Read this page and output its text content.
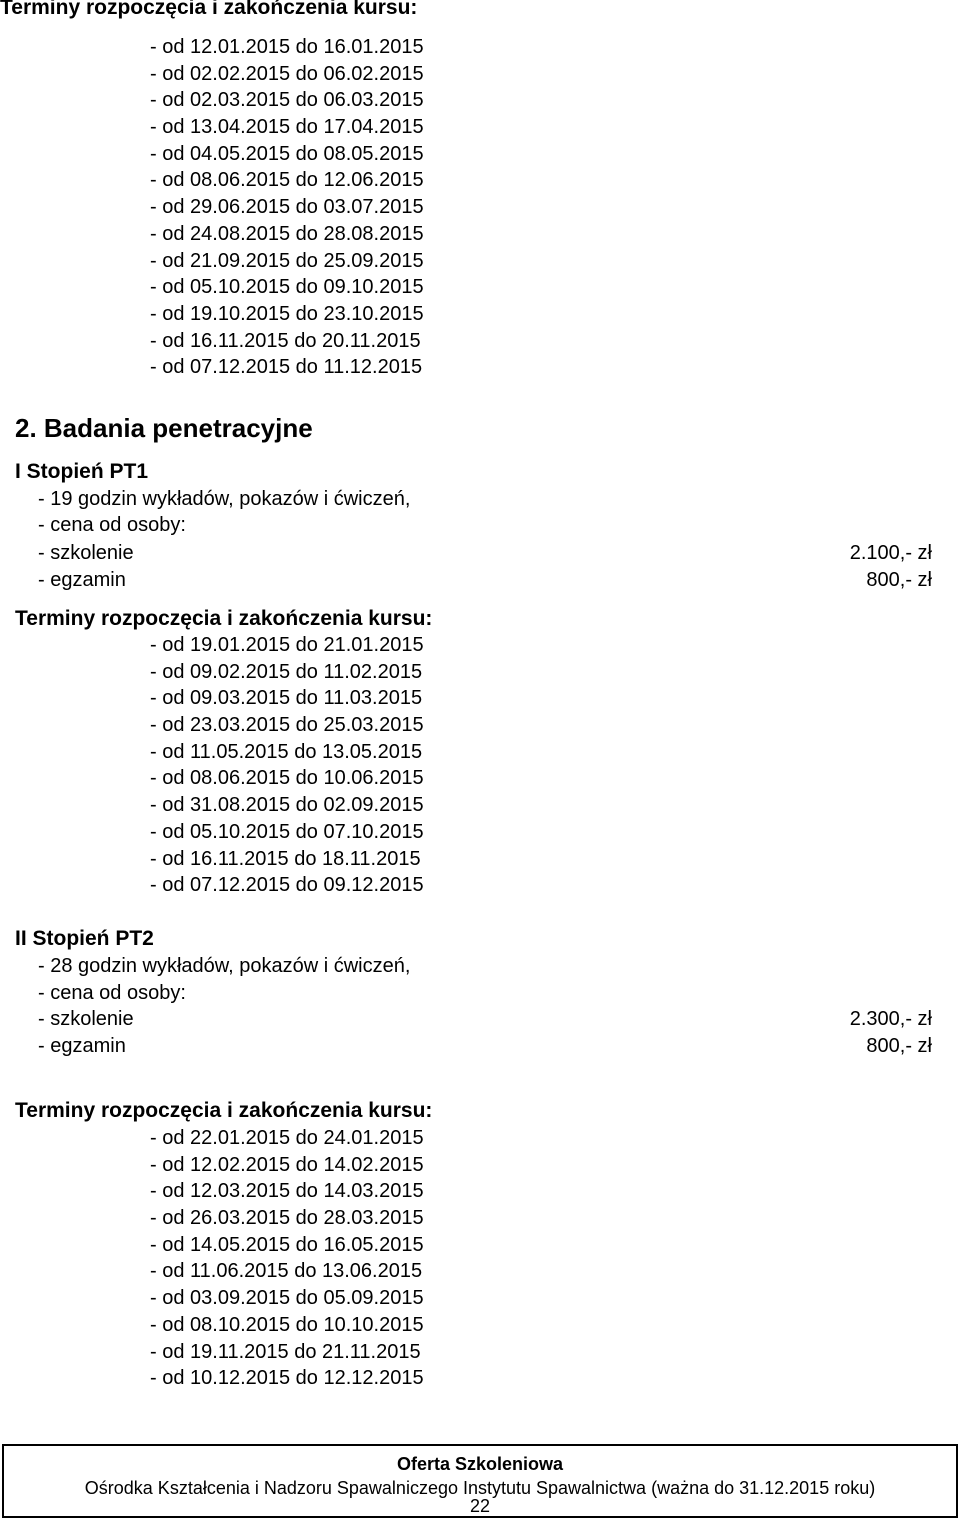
Terminy rozpoczęcia i zakończenia kursu:
- od 12.01.2015 do 16.01.2015
- od 02.02.2015 do 06.02.2015
- od 02.03.2015 do 06.03.2015
- od 13.04.2015 do 17.04.2015
- od 04.05.2015 do 08.05.2015
- od 08.06.2015 do 12.06.2015
- od 29.06.2015 do 03.07.2015
- od 24.08.2015 do 28.08.2015
- od 21.09.2015 do 25.09.2015
- od 05.10.2015 do 09.10.2015
- od 19.10.2015 do 23.10.2015
- od 16.11.2015 do 20.11.2015
- od 07.12.2015 do 11.12.2015
2. Badania penetracyjne
I Stopień PT1
- 19 godzin wykładów, pokazów i ćwiczeń,
- cena od osoby:
- szkolenie	2.100,- zł
- egzamin	800,- zł
Terminy rozpoczęcia i zakończenia kursu:
- od 19.01.2015 do 21.01.2015
- od 09.02.2015 do 11.02.2015
- od 09.03.2015 do 11.03.2015
- od 23.03.2015 do 25.03.2015
- od 11.05.2015 do 13.05.2015
- od 08.06.2015 do 10.06.2015
- od 31.08.2015 do 02.09.2015
- od 05.10.2015 do 07.10.2015
- od 16.11.2015 do 18.11.2015
- od 07.12.2015 do 09.12.2015
II Stopień PT2
- 28 godzin wykładów, pokazów i ćwiczeń,
- cena od osoby:
- szkolenie	2.300,- zł
- egzamin	800,- zł
Terminy rozpoczęcia i zakończenia kursu:
- od 22.01.2015 do 24.01.2015
- od 12.02.2015 do 14.02.2015
- od 12.03.2015 do 14.03.2015
- od 26.03.2015 do 28.03.2015
- od 14.05.2015 do 16.05.2015
- od 11.06.2015 do 13.06.2015
- od 03.09.2015 do 05.09.2015
- od 08.10.2015 do 10.10.2015
- od 19.11.2015 do 21.11.2015
- od 10.12.2015 do 12.12.2015
Oferta Szkoleniowa
Ośrodka Kształcenia i Nadzoru Spawalniczego Instytutu Spawalnictwa (ważna do 31.12.2015 roku)
22
